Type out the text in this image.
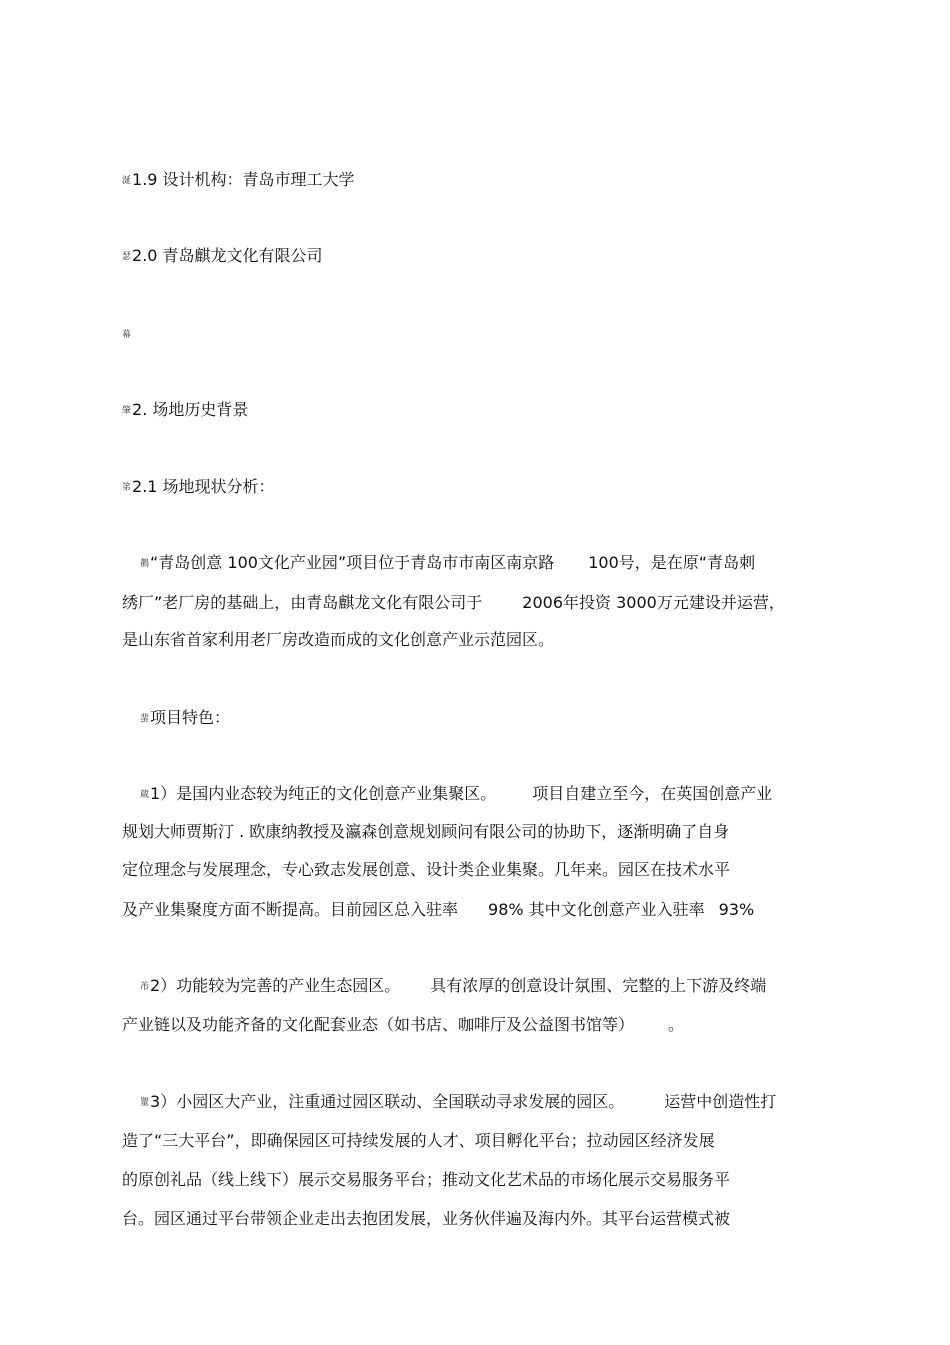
涎1.9 设计机构：青岛市理工大学
瑟2.0 青岛麒龙文化有限公司
幕
肇2. 场地历史背景
笫2.1 场地现状分析：
鶄“青岛创意 100文化产业园”项目位于青岛市市南区南京路 100号，是在原“青岛刺
绣厂”老厂房的基础上，由青岛麒龙文化有限公司于	2006年投资 3000万元建设并运营，
是山东省首家利用老厂房改造而成的文化创意产业示范园区。
蜚项目特色：
葳1）是国内业态较为纯正的文化创意产业集聚区。 项目自建立至今，在英国创意产业
规划大师贾斯汀 . 欧康纳教授及瀛森创意规划顾问有限公司的协助下，逐渐明确了自身
定位理念与发展理念，专心致志发展创意、设计类企业集聚。几年来。园区在技术水平
及产业集聚度方面不断提高。目前园区总入驻率 98% 其中文化创意产业入驻率 93%
芾2）功能较为完善的产业生态园区。 具有浓厚的创意设计氛围、完整的上下游及终端
产业链以及功能齐备的文化配套业态（如书店、咖啡厅及公益图书馆等） 。
罿3）小园区大产业，注重通过园区联动、全国联动寻求发展的园区。	运营中创造性打
造了“三大平台”，即确保园区可持续发展的人才、项目孵化平台；拉动园区经济发展
的原创礼品（线上线下）展示交易服务平台；推动文化艺术品的市场化展示交易服务平
台。园区通过平台带领企业走出去抱团发展，业务伙伴遍及海内外。其平台运营模式被
